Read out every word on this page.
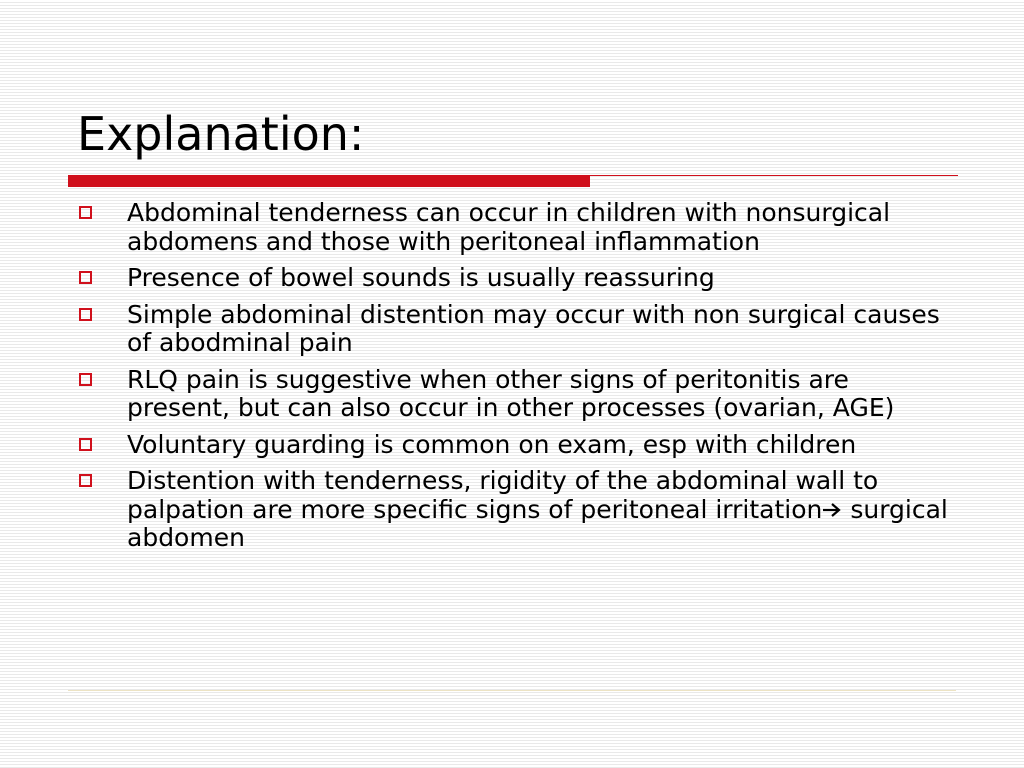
Explanation:
Abdominal tenderness can occur in children with nonsurgical abdomens and those with peritoneal inflammation
Presence of bowel sounds is usually reassuring
Simple abdominal distention may occur with non surgical causes of abodminal pain
RLQ pain is suggestive when other signs of peritonitis are present, but can also occur in other processes (ovarian, AGE)
Voluntary guarding is common on exam, esp with children
Distention with tenderness, rigidity of the abdominal wall to palpation are more specific signs of peritoneal irritation surgical abdomen
